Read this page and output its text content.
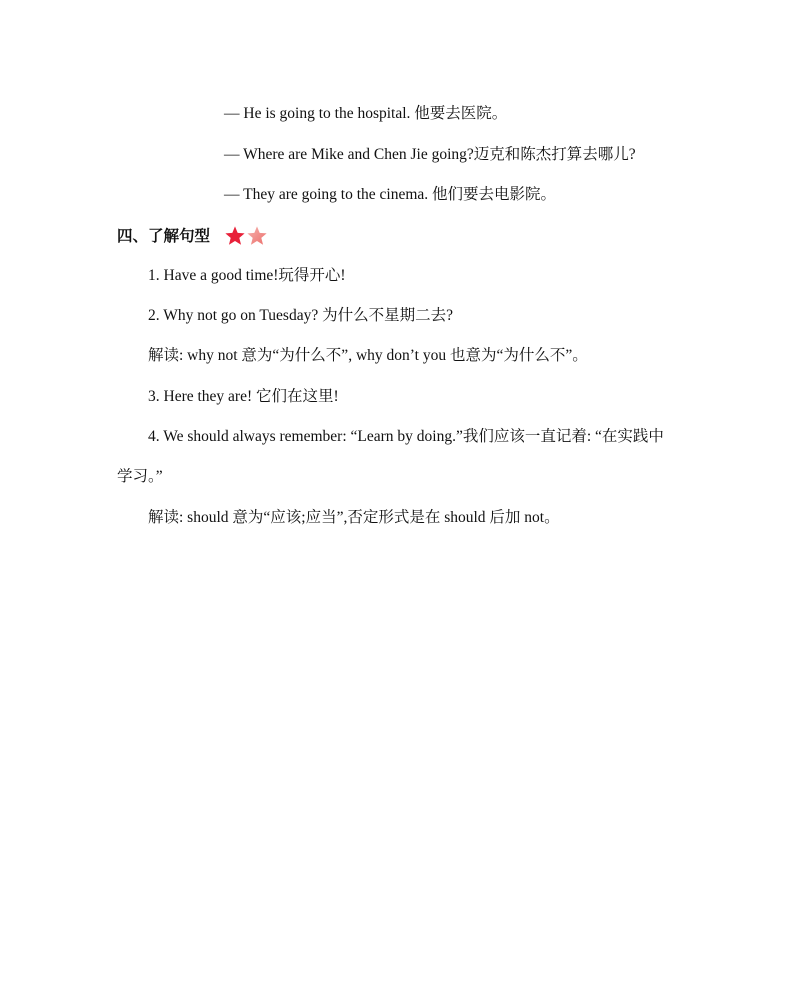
— He is going to the hospital. 他要去医院。
— Where are Mike and Chen Jie going?迈克和陈杰打算去哪儿?
— They are going to the cinema. 他们要去电影院。
四、了解句型
1. Have a good time!玩得开心!
2. Why not go on Tuesday? 为什么不星期二去?
解读: why not 意为“为什么不”, why don’t you 也意为“为什么不”。
3. Here they are! 它们在这里!
4. We should always remember: “Learn by doing.”我们应该一直记着: “在实践中
学习。”
解读: should 意为“应该;应当”,否定形式是在 should 后加 not。
